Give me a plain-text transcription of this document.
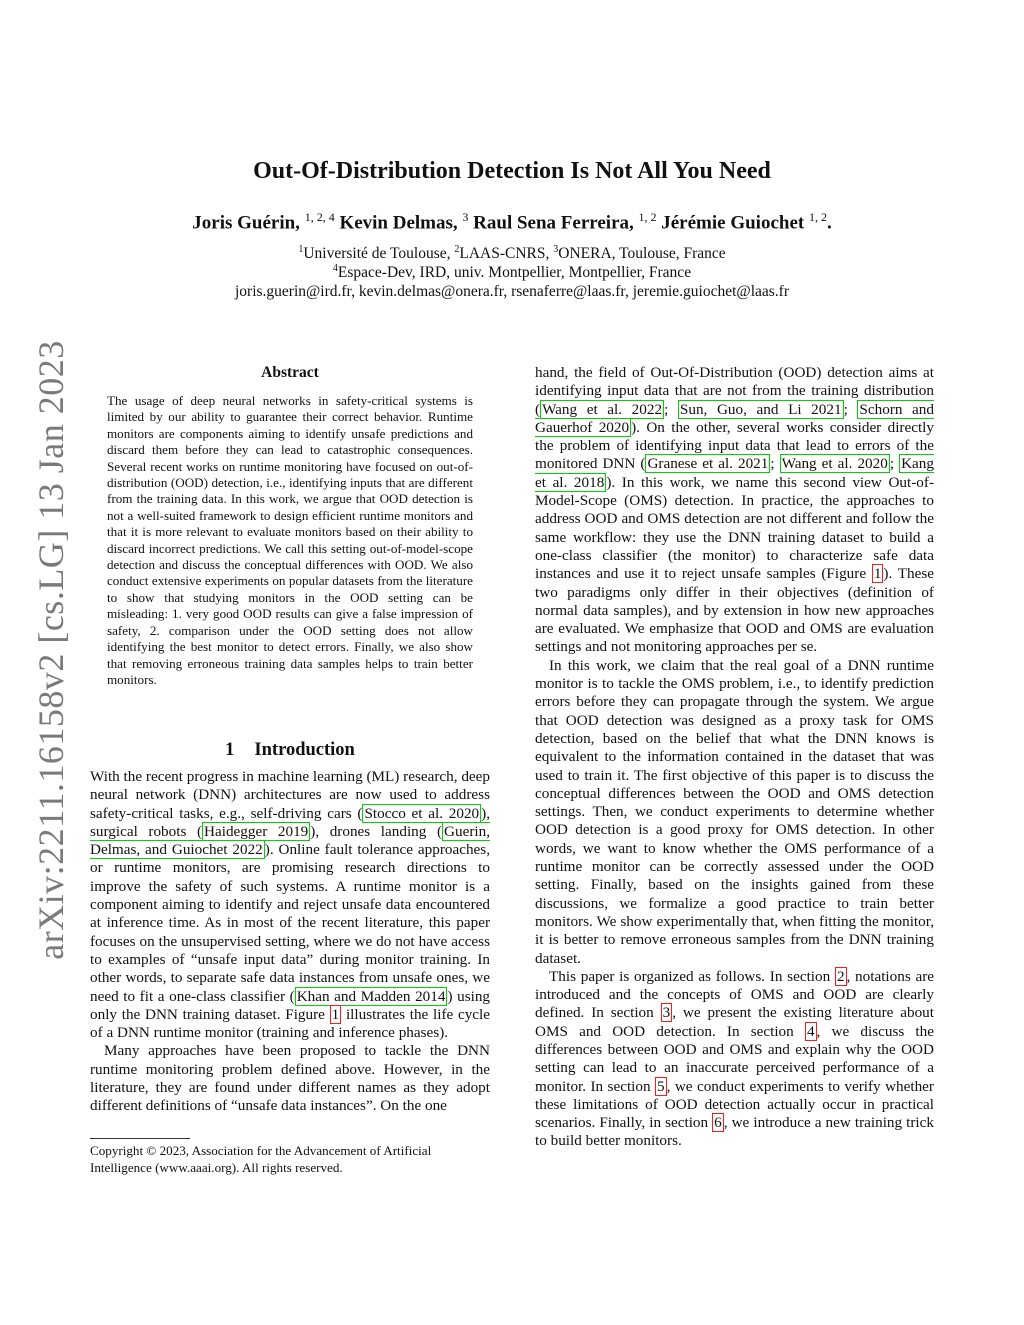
arXiv:2211.16158v2 [cs.LG] 13 Jan 2023
Out-Of-Distribution Detection Is Not All You Need
Joris Guérin, $^{1, 2, 4}$ Kevin Delmas, $^3$ Raul Sena Ferreira, $^{1, 2}$ Jérémie Guiochet $^{1, 2}$.
$^1$Université de Toulouse, $^2$LAAS-CNRS, $^3$ONERA, Toulouse, France
$^4$Espace-Dev, IRD, univ. Montpellier, Montpellier, France
joris.guerin@ird.fr, kevin.delmas@onera.fr, rsenaferre@laas.fr, jeremie.guiochet@laas.fr
Abstract

The usage of deep neural networks in safety-critical systems is limited by our ability to guarantee their correct behavior. Runtime monitors are components aiming to identify unsafe predictions and discard them before they can lead to catastrophic consequences. Several recent works on runtime monitoring have focused on out-of-distribution (OOD) detection, i.e., identifying inputs that are different from the training data. In this work, we argue that OOD detection is not a well-suited framework to design efficient runtime monitors and that it is more relevant to evaluate monitors based on their ability to discard incorrect predictions. We call this setting out-of-model-scope detection and discuss the conceptual differences with OOD. We also conduct extensive experiments on popular datasets from the literature to show that studying monitors in the OOD setting can be misleading: 1. very good OOD results can give a false impression of safety, 2. comparison under the OOD setting does not allow identifying the best monitor to detect errors. Finally, we also show that removing erroneous training data samples helps to train better monitors.

1 Introduction

With the recent progress in machine learning (ML) research, deep neural network (DNN) architectures are now used to address safety-critical tasks, e.g., self-driving cars ( Stocco et al. 2020 ), surgical robots ( Haidegger 2019 ), drones landing ( Guerin, Delmas, and Guiochet 2022 ). Online fault tolerance approaches, or runtime monitors, are promising research directions to improve the safety of such systems. A runtime monitor is a component aiming to identify and reject unsafe data encountered at inference time. As in most of the recent literature, this paper focuses on the unsupervised setting, where we do not have access to examples of “unsafe input data” during monitor training. In other words, to separate safe data instances from unsafe ones, we need to fit a one-class classifier ( Khan and Madden 2014 ) using only the DNN training dataset. Figure 1 illustrates the life cycle of a DNN runtime monitor (training and inference phases).

Many approaches have been proposed to tackle the DNN runtime monitoring problem defined above. However, in the literature, they are found under different names as they adopt different definitions of “unsafe data instances”. On the one

hand, the field of Out-Of-Distribution (OOD) detection aims at identifying input data that are not from the training distribution ( Wang et al. 2022 ; Sun, Guo, and Li 2021 ; Schorn and Gauerhof 2020 ). On the other, several works consider directly the problem of identifying input data that lead to errors of the monitored DNN ( Granese et al. 2021 ; Wang et al. 2020 ; Kang et al. 2018 ). In this work, we name this second view Out-of-Model-Scope (OMS) detection. In practice, the approaches to address OOD and OMS detection are not different and follow the same workflow: they use the DNN training dataset to build a one-class classifier (the monitor) to characterize safe data instances and use it to reject unsafe samples (Figure 1 ). These two paradigms only differ in their objectives (definition of normal data samples), and by extension in how new approaches are evaluated. We emphasize that OOD and OMS are evaluation settings and not monitoring approaches per se.

In this work, we claim that the real goal of a DNN runtime monitor is to tackle the OMS problem, i.e., to identify prediction errors before they can propagate through the system. We argue that OOD detection was designed as a proxy task for OMS detection, based on the belief that what the DNN knows is equivalent to the information contained in the dataset that was used to train it. The first objective of this paper is to discuss the conceptual differences between the OOD and OMS detection settings. Then, we conduct experiments to determine whether OOD detection is a good proxy for OMS detection. In other words, we want to know whether the OMS performance of a runtime monitor can be correctly assessed under the OOD setting. Finally, based on the insights gained from these discussions, we formalize a good practice to train better monitors. We show experimentally that, when fitting the monitor, it is better to remove erroneous samples from the DNN training dataset.

This paper is organized as follows. In section 2 , notations are introduced and the concepts of OMS and OOD are clearly defined. In section 3 , we present the existing literature about OMS and OOD detection. In section 4 , we discuss the differences between OOD and OMS and explain why the OOD setting can lead to an inaccurate perceived performance of a monitor. In section 5 , we conduct experiments to verify whether these limitations of OOD detection actually occur in practical scenarios. Finally, in section 6 , we introduce a new training trick to build better monitors.

Copyright © 2023, Association for the Advancement of Artificial Intelligence (www.aaai.org). All rights reserved.
